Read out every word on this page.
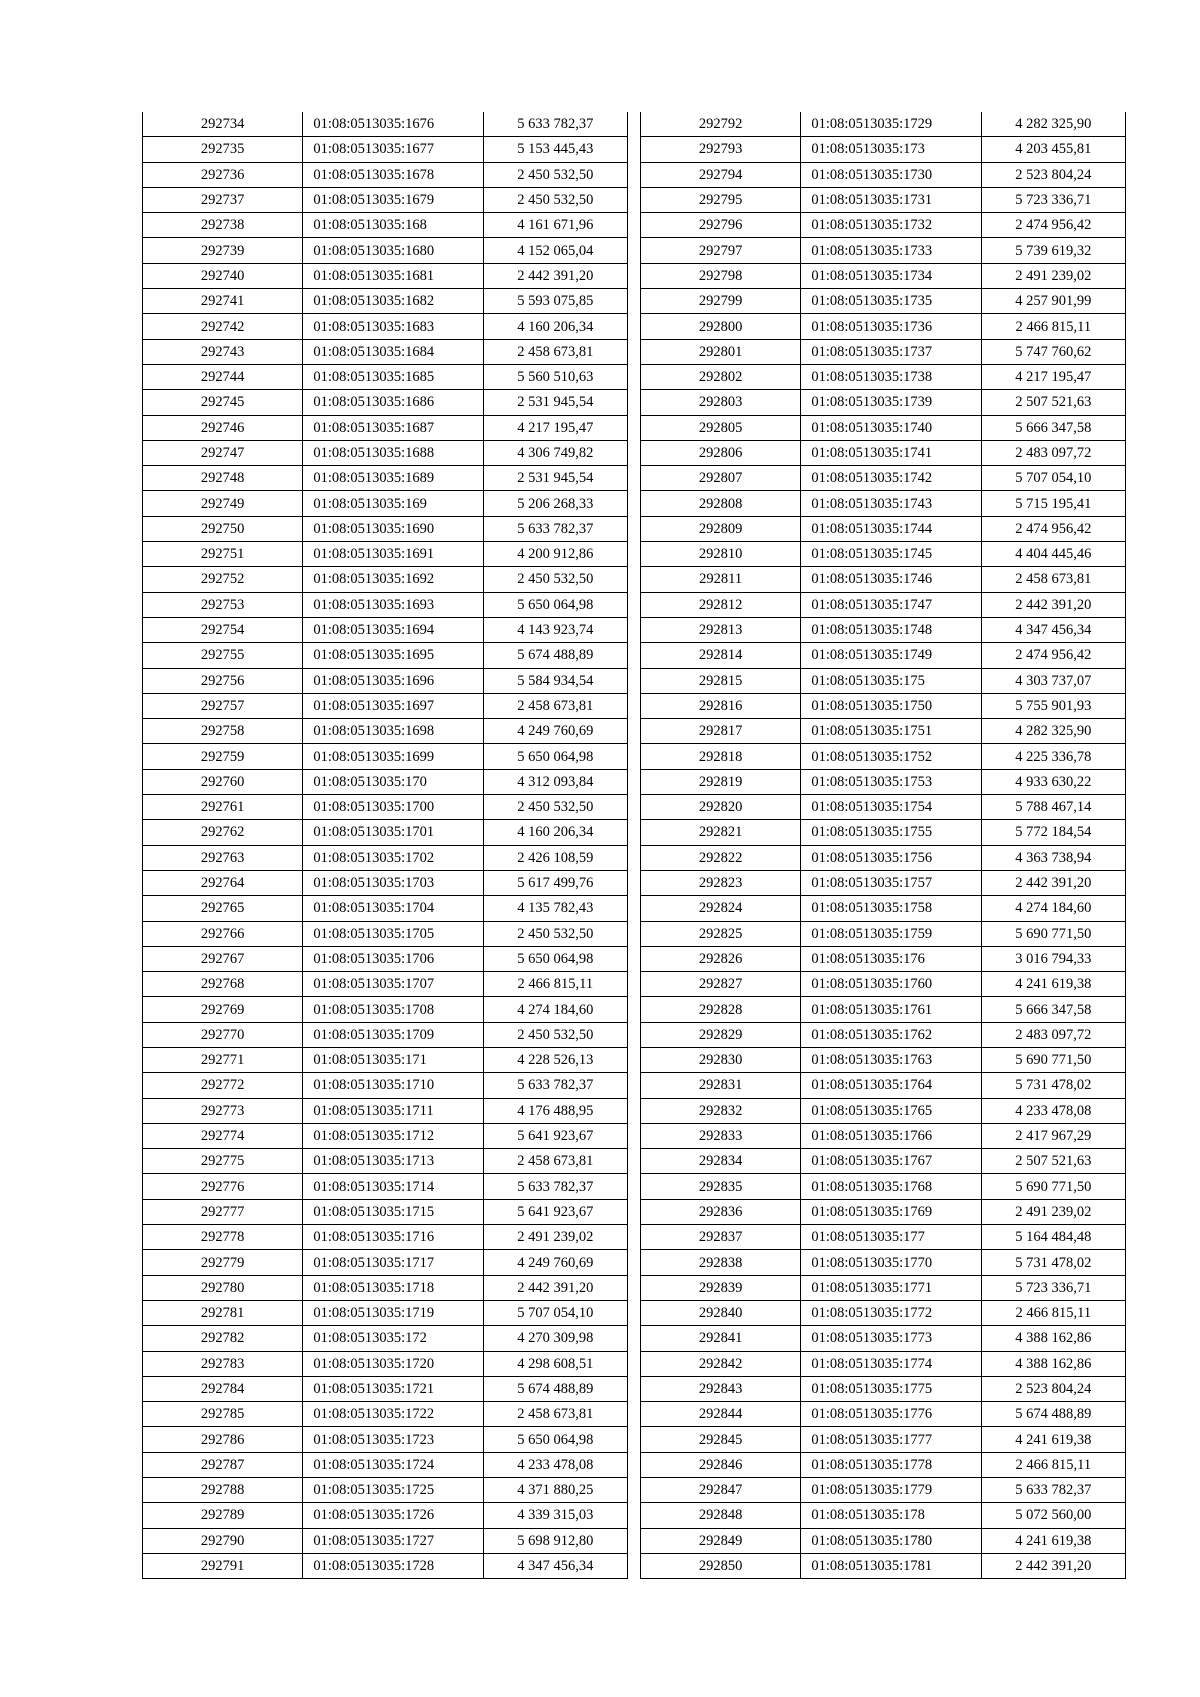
292734	01:08:0513035:1676	5 633 782,37
292735	01:08:0513035:1677	5 153 445,43
292736	01:08:0513035:1678	2 450 532,50
292737	01:08:0513035:1679	2 450 532,50
292738	01:08:0513035:168	4 161 671,96
292739	01:08:0513035:1680	4 152 065,04
292740	01:08:0513035:1681	2 442 391,20
292741	01:08:0513035:1682	5 593 075,85
292742	01:08:0513035:1683	4 160 206,34
292743	01:08:0513035:1684	2 458 673,81
292744	01:08:0513035:1685	5 560 510,63
292745	01:08:0513035:1686	2 531 945,54
292746	01:08:0513035:1687	4 217 195,47
292747	01:08:0513035:1688	4 306 749,82
292748	01:08:0513035:1689	2 531 945,54
292749	01:08:0513035:169	5 206 268,33
292750	01:08:0513035:1690	5 633 782,37
292751	01:08:0513035:1691	4 200 912,86
292752	01:08:0513035:1692	2 450 532,50
292753	01:08:0513035:1693	5 650 064,98
292754	01:08:0513035:1694	4 143 923,74
292755	01:08:0513035:1695	5 674 488,89
292756	01:08:0513035:1696	5 584 934,54
292757	01:08:0513035:1697	2 458 673,81
292758	01:08:0513035:1698	4 249 760,69
292759	01:08:0513035:1699	5 650 064,98
292760	01:08:0513035:170	4 312 093,84
292761	01:08:0513035:1700	2 450 532,50
292762	01:08:0513035:1701	4 160 206,34
292763	01:08:0513035:1702	2 426 108,59
292764	01:08:0513035:1703	5 617 499,76
292765	01:08:0513035:1704	4 135 782,43
292766	01:08:0513035:1705	2 450 532,50
292767	01:08:0513035:1706	5 650 064,98
292768	01:08:0513035:1707	2 466 815,11
292769	01:08:0513035:1708	4 274 184,60
292770	01:08:0513035:1709	2 450 532,50
292771	01:08:0513035:171	4 228 526,13
292772	01:08:0513035:1710	5 633 782,37
292773	01:08:0513035:1711	4 176 488,95
292774	01:08:0513035:1712	5 641 923,67
292775	01:08:0513035:1713	2 458 673,81
292776	01:08:0513035:1714	5 633 782,37
292777	01:08:0513035:1715	5 641 923,67
292778	01:08:0513035:1716	2 491 239,02
292779	01:08:0513035:1717	4 249 760,69
292780	01:08:0513035:1718	2 442 391,20
292781	01:08:0513035:1719	5 707 054,10
292782	01:08:0513035:172	4 270 309,98
292783	01:08:0513035:1720	4 298 608,51
292784	01:08:0513035:1721	5 674 488,89
292785	01:08:0513035:1722	2 458 673,81
292786	01:08:0513035:1723	5 650 064,98
292787	01:08:0513035:1724	4 233 478,08
292788	01:08:0513035:1725	4 371 880,25
292789	01:08:0513035:1726	4 339 315,03
292790	01:08:0513035:1727	5 698 912,80
292791	01:08:0513035:1728	4 347 456,34
292792	01:08:0513035:1729	4 282 325,90
292793	01:08:0513035:173	4 203 455,81
292794	01:08:0513035:1730	2 523 804,24
292795	01:08:0513035:1731	5 723 336,71
292796	01:08:0513035:1732	2 474 956,42
292797	01:08:0513035:1733	5 739 619,32
292798	01:08:0513035:1734	2 491 239,02
292799	01:08:0513035:1735	4 257 901,99
292800	01:08:0513035:1736	2 466 815,11
292801	01:08:0513035:1737	5 747 760,62
292802	01:08:0513035:1738	4 217 195,47
292803	01:08:0513035:1739	2 507 521,63
292805	01:08:0513035:1740	5 666 347,58
292806	01:08:0513035:1741	2 483 097,72
292807	01:08:0513035:1742	5 707 054,10
292808	01:08:0513035:1743	5 715 195,41
292809	01:08:0513035:1744	2 474 956,42
292810	01:08:0513035:1745	4 404 445,46
292811	01:08:0513035:1746	2 458 673,81
292812	01:08:0513035:1747	2 442 391,20
292813	01:08:0513035:1748	4 347 456,34
292814	01:08:0513035:1749	2 474 956,42
292815	01:08:0513035:175	4 303 737,07
292816	01:08:0513035:1750	5 755 901,93
292817	01:08:0513035:1751	4 282 325,90
292818	01:08:0513035:1752	4 225 336,78
292819	01:08:0513035:1753	4 933 630,22
292820	01:08:0513035:1754	5 788 467,14
292821	01:08:0513035:1755	5 772 184,54
292822	01:08:0513035:1756	4 363 738,94
292823	01:08:0513035:1757	2 442 391,20
292824	01:08:0513035:1758	4 274 184,60
292825	01:08:0513035:1759	5 690 771,50
292826	01:08:0513035:176	3 016 794,33
292827	01:08:0513035:1760	4 241 619,38
292828	01:08:0513035:1761	5 666 347,58
292829	01:08:0513035:1762	2 483 097,72
292830	01:08:0513035:1763	5 690 771,50
292831	01:08:0513035:1764	5 731 478,02
292832	01:08:0513035:1765	4 233 478,08
292833	01:08:0513035:1766	2 417 967,29
292834	01:08:0513035:1767	2 507 521,63
292835	01:08:0513035:1768	5 690 771,50
292836	01:08:0513035:1769	2 491 239,02
292837	01:08:0513035:177	5 164 484,48
292838	01:08:0513035:1770	5 731 478,02
292839	01:08:0513035:1771	5 723 336,71
292840	01:08:0513035:1772	2 466 815,11
292841	01:08:0513035:1773	4 388 162,86
292842	01:08:0513035:1774	4 388 162,86
292843	01:08:0513035:1775	2 523 804,24
292844	01:08:0513035:1776	5 674 488,89
292845	01:08:0513035:1777	4 241 619,38
292846	01:08:0513035:1778	2 466 815,11
292847	01:08:0513035:1779	5 633 782,37
292848	01:08:0513035:178	5 072 560,00
292849	01:08:0513035:1780	4 241 619,38
292850	01:08:0513035:1781	2 442 391,20
